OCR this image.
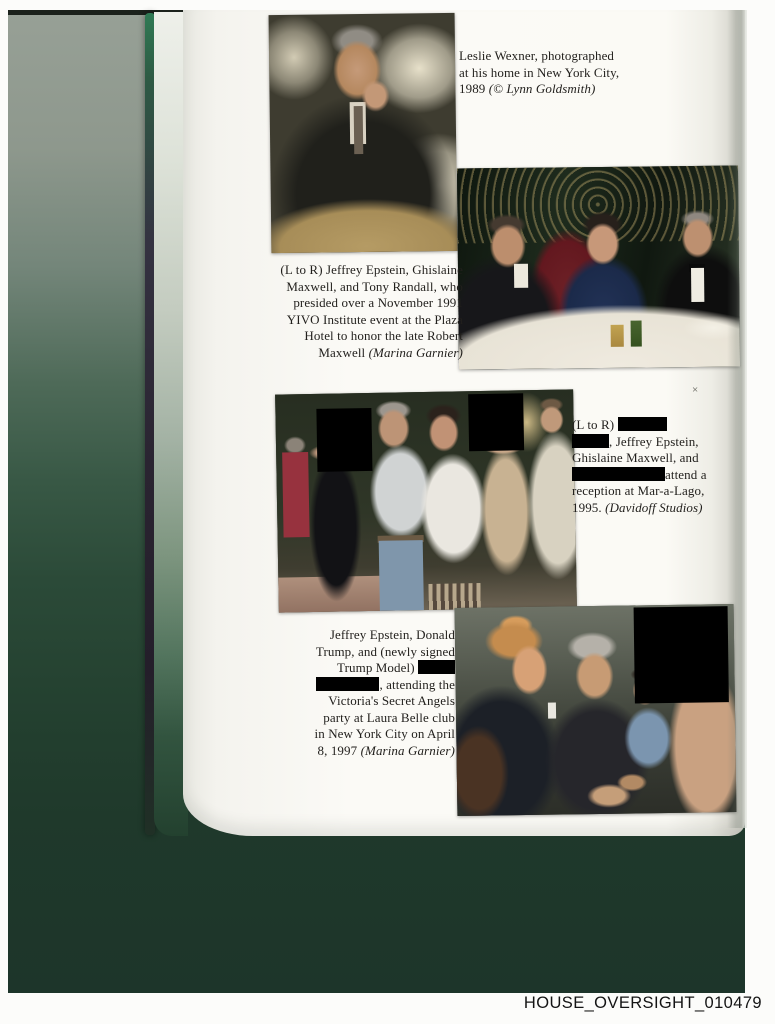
Leslie Wexner, photographed
at his home in New York City,
1989 (© Lynn Goldsmith)
(L to R) Jeffrey Epstein, Ghislaine
Maxwell, and Tony Randall, who
presided over a November 1991
YIVO Institute event at the Plaza
Hotel to honor the late Robert
Maxwell (Marina Garnier)
(L to R)
, Jeffrey Epstein,
Ghislaine Maxwell, and
attend a
reception at Mar-a-Lago,
1995. (Davidoff Studios)
Jeffrey Epstein, Donald
Trump, and (newly signed
Trump Model)
, attending the
Victoria's Secret Angels
party at Laura Belle club
in New York City on April
8, 1997 (Marina Garnier)
×
HOUSE_OVERSIGHT_010479
